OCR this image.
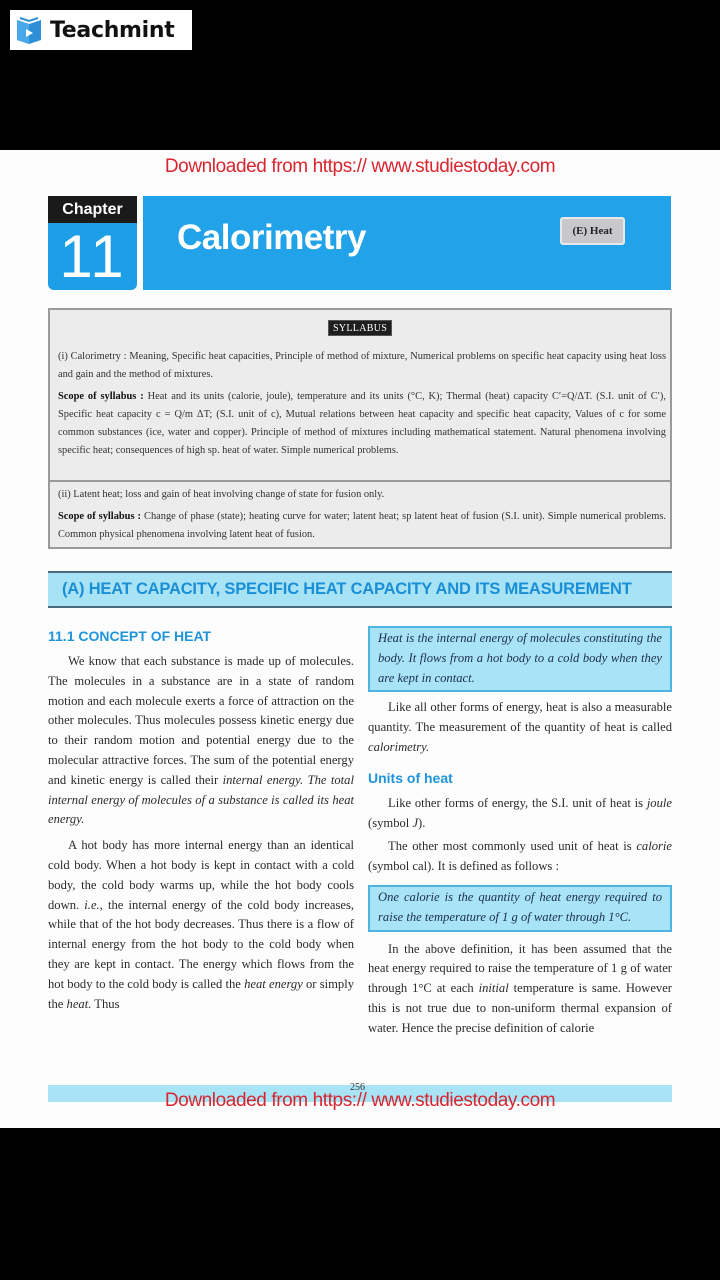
Teachmint
Downloaded from https:// www.studiestoday.com
Chapter
11	Calorimetry	(E) Heat
SYLLABUS
(i) Calorimetry : Meaning, Specific heat capacities, Principle of method of mixture, Numerical problems on specific heat capacity using heat loss and gain and the method of mixtures.
Scope of syllabus : Heat and its units (calorie, joule), temperature and its units (°C, K); Thermal (heat) capacity C′=Q/ΔT. (S.I. unit of C′), Specific heat capacity c = Q/m ΔT; (S.I. unit of c), Mutual relations between heat capacity and specific heat capacity, Values of c for some common substances (ice, water and copper). Principle of method of mixtures including mathematical statement. Natural phenomena involving specific heat; consequences of high sp. heat of water. Simple numerical problems.
(ii) Latent heat; loss and gain of heat involving change of state for fusion only.
Scope of syllabus : Change of phase (state); heating curve for water; latent heat; sp latent heat of fusion (S.I. unit). Simple numerical problems. Common physical phenomena involving latent heat of fusion.
(A) HEAT CAPACITY, SPECIFIC HEAT CAPACITY AND ITS MEASUREMENT
11.1 CONCEPT OF HEAT

We know that each substance is made up of molecules. The molecules in a substance are in a state of random motion and each molecule exerts a force of attraction on the other molecules. Thus molecules possess kinetic energy due to their random motion and potential energy due to the molecular attractive forces. The sum of the potential energy and kinetic energy is called their internal energy. The total internal energy of molecules of a substance is called its heat energy.

A hot body has more internal energy than an identical cold body. When a hot body is kept in contact with a cold body, the cold body warms up, while the hot body cools down. i.e., the internal energy of the cold body increases, while that of the hot body decreases. Thus there is a flow of internal energy from the hot body to the cold body when they are kept in contact. The energy which flows from the hot body to the cold body is called the heat energy or simply the heat. Thus

Heat is the internal energy of molecules constituting the body. It flows from a hot body to a cold body when they are kept in contact.

Like all other forms of energy, heat is also a measurable quantity. The measurement of the quantity of heat is called calorimetry.

Units of heat

Like other forms of energy, the S.I. unit of heat is joule (symbol J).

The other most commonly used unit of heat is calorie (symbol cal). It is defined as follows :

One calorie is the quantity of heat energy required to raise the temperature of 1 g of water through 1°C.

In the above definition, it has been assumed that the heat energy required to raise the temperature of 1 g of water through 1°C at each initial temperature is same. However this is not true due to non-uniform thermal expansion of water. Hence the precise definition of calorie

256
Downloaded from https:// www.studiestoday.com
